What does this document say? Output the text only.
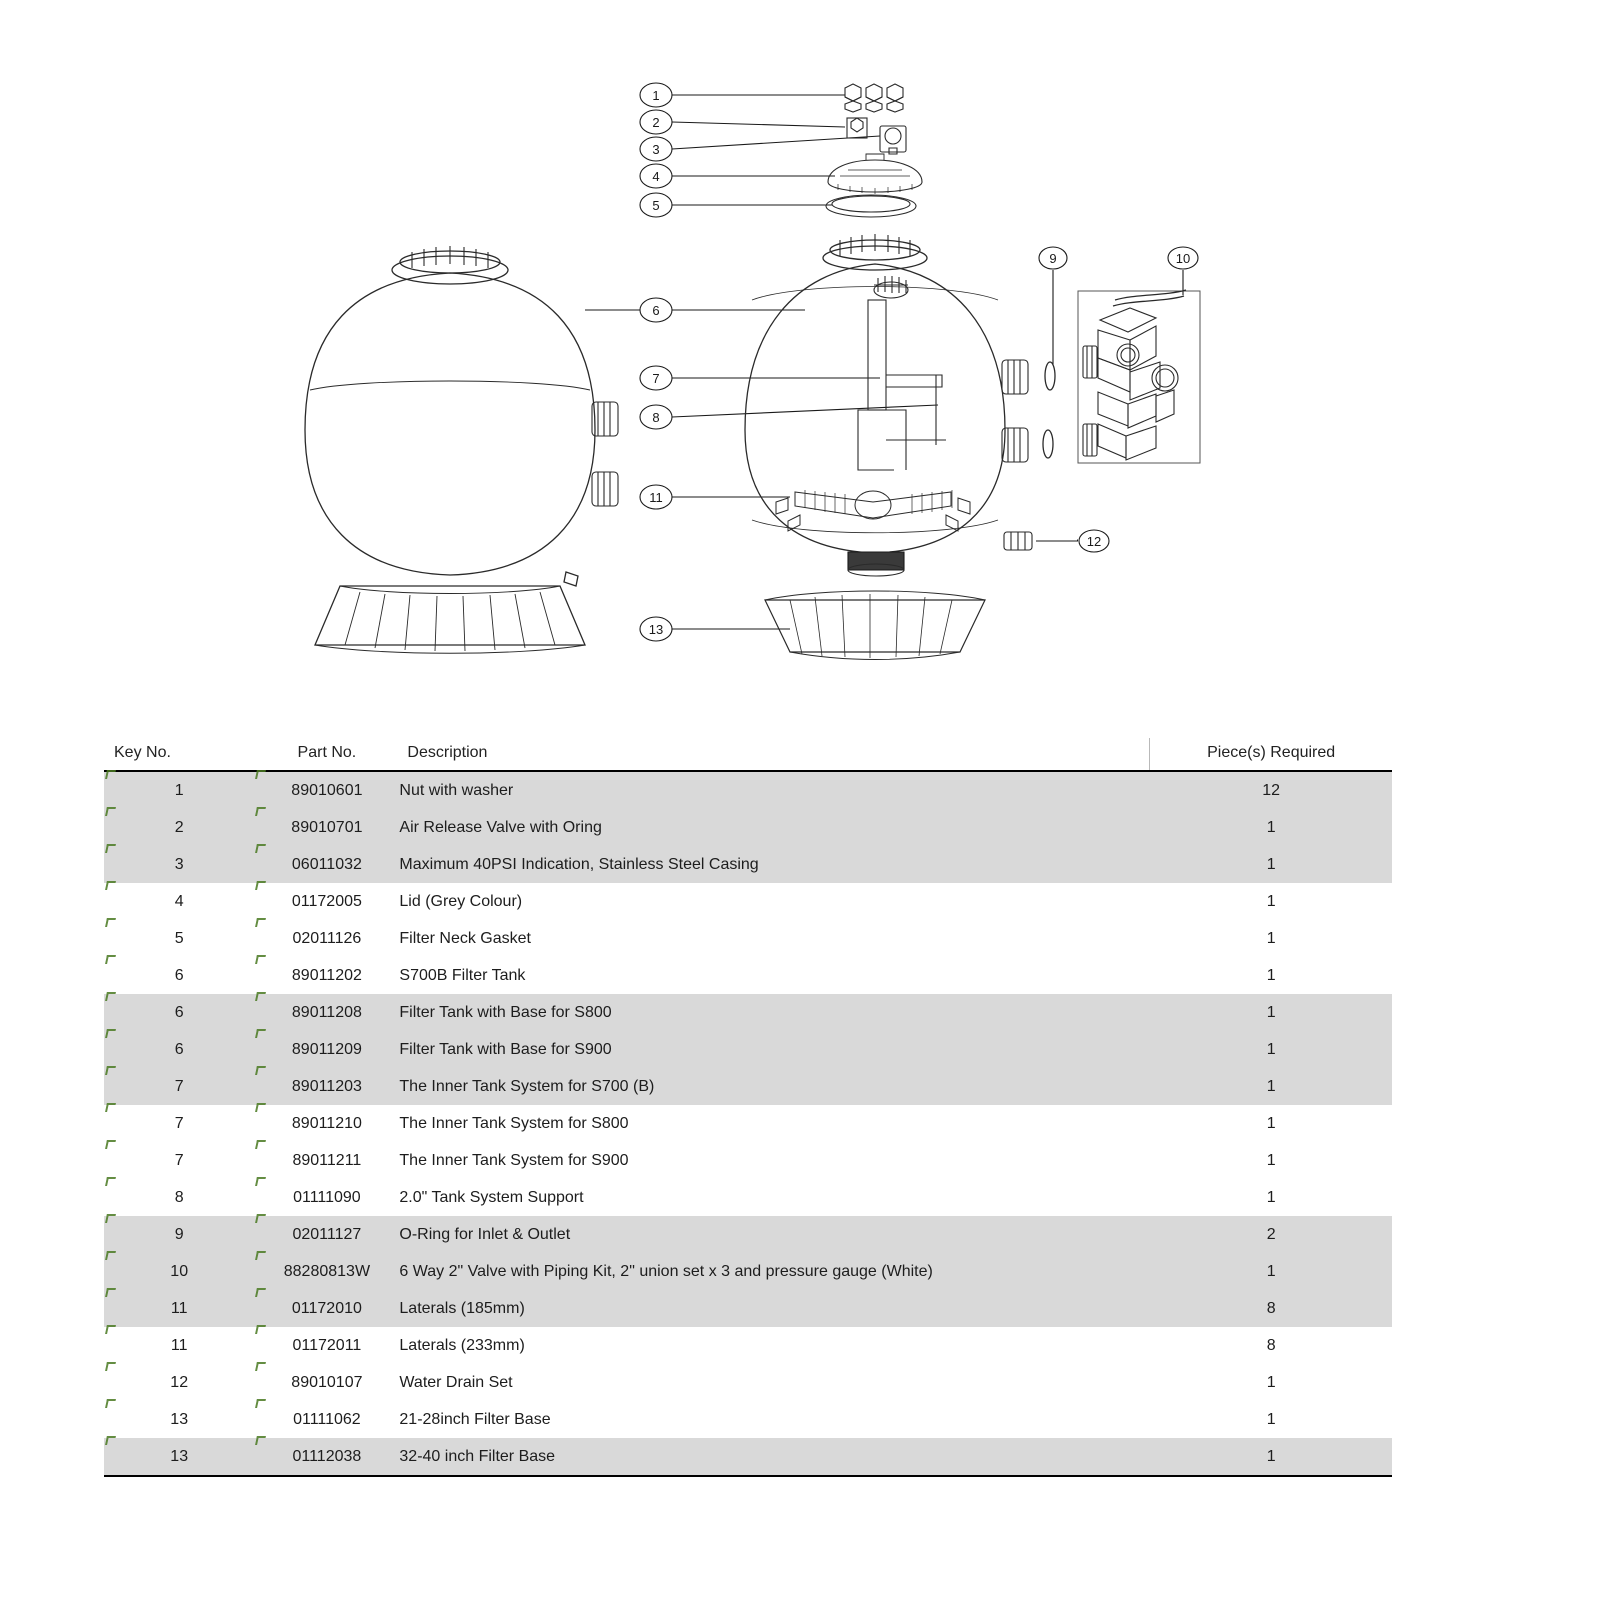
1
2
3
4
5
6
7
8
9	10
11
12
13
Key No.	Part No.	Description		Piece(s) Required

1	89010601	Nut with washer		12

2	89010701	Air Release Valve with Oring		1

3	06011032	Maximum 40PSI Indication, Stainless Steel Casing		1

4	01172005	Lid (Grey Colour)		1

5	02011126	Filter Neck Gasket		1

6	89011202	S700B Filter Tank		1

6	89011208	Filter Tank with Base for S800		1

6	89011209	Filter Tank with Base for S900		1

7	89011203	The Inner Tank System for S700 (B)		1

7	89011210	The Inner Tank System for S800		1

7	89011211	The Inner Tank System for S900		1

8	01111090	2.0" Tank System Support		1

9	02011127	O-Ring for Inlet & Outlet		2

10	88280813W	6 Way 2" Valve with Piping Kit, 2" union set x 3 and pressure gauge (White)		1

11	01172010	Laterals (185mm)		8

11	01172011	Laterals (233mm)		8

12	89010107	Water Drain Set		1

13	01111062	21-28inch Filter Base		1

13	01112038	32-40 inch Filter Base		1
